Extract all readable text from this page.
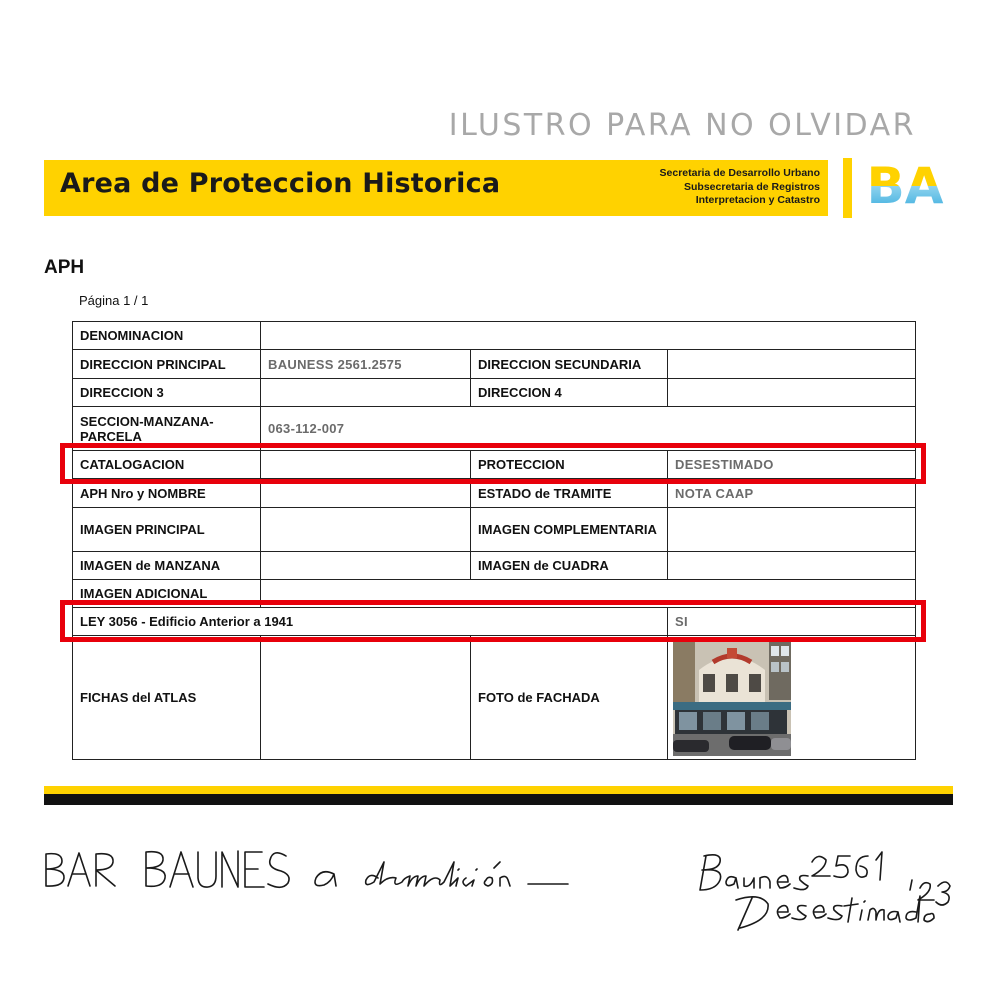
ILUSTRO PARA NO OLVIDAR
Area de Proteccion Historica	Secretaria de Desarrollo Urbano
Subsecretaria de Registros
Interpretacion y Catastro BA
APH
Página 1 / 1
DENOMINACION			
DIRECCION PRINCIPAL	BAUNESS 2561.2575	DIRECCION SECUNDARIA	
DIRECCION 3		DIRECCION 4	
SECCION-MANZANA-PARCELA	063-112-007		
CATALOGACION		PROTECCION	DESESTIMADO
APH Nro y NOMBRE		ESTADO de TRAMITE	NOTA CAAP
IMAGEN PRINCIPAL		IMAGEN COMPLEMENTARIA	
IMAGEN de MANZANA		IMAGEN de CUADRA	
IMAGEN ADICIONAL			
LEY 3056 - Edificio Anterior a 1941			SI
FICHAS del ATLAS		FOTO de FACHADA	
